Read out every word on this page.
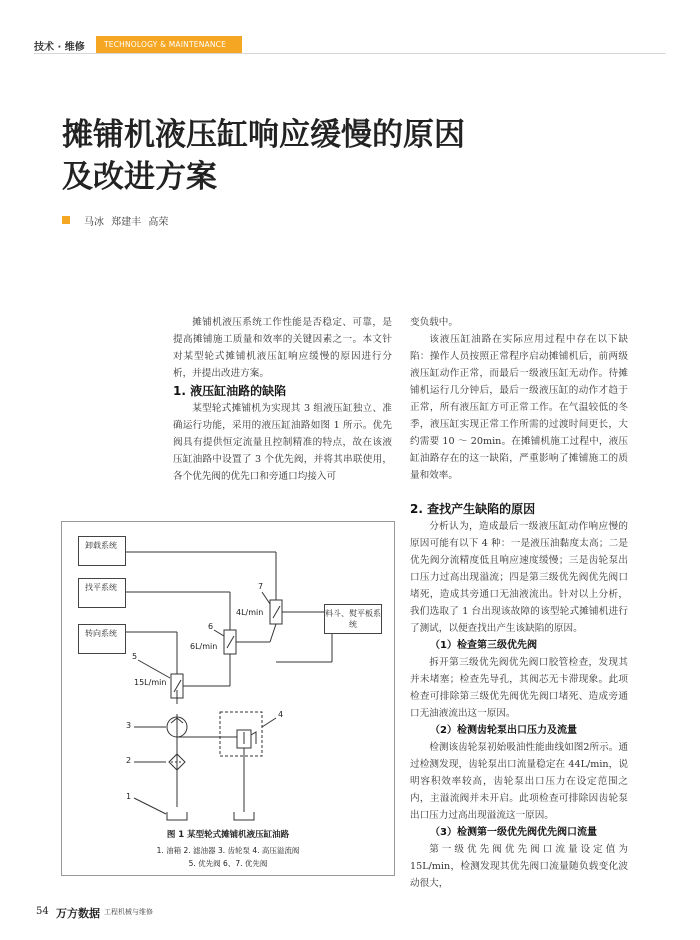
技术 · 维修	TECHNOLOGY & MAINTENANCE
摊铺机液压缸响应缓慢的原因
及改进方案
马冰 郑建丰 高荣

摊铺机液压系统工作性能是否稳定、可靠，是提高摊铺施工质量和效率的关键因素之一。本文针对某型轮式摊铺机液压缸响应缓慢的原因进行分析，并提出改进方案。

1. 液压缸油路的缺陷

某型轮式摊铺机为实现其 3 组液压缸独立、准确运行功能，采用的液压缸油路如图 1 所示。优先阀具有提供恒定流量且控制精准的特点，故在该液压缸油路中设置了 3 个优先阀，并将其串联使用，各个优先阀的优先口和旁通口均接入可

变负载中。

该液压缸油路在实际应用过程中存在以下缺陷：操作人员按照正常程序启动摊铺机后，前两级液压缸动作正常，而最后一级液压缸无动作。待摊铺机运行几分钟后，最后一级液压缸的动作才趋于正常，所有液压缸方可正常工作。在气温较低的冬季，液压缸实现正常工作所需的过渡时间更长，大约需要 10 ～ 20min。在摊铺机施工过程中，液压缸油路存在的这一缺陷，严重影响了摊铺施工的质量和效率。

2. 查找产生缺陷的原因

分析认为，造成最后一级液压缸动作响应慢的原因可能有以下 4 种：一是液压油黏度太高；二是优先阀分流精度低且响应速度缓慢；三是齿轮泵出口压力过高出现溢流；四是第三级优先阀优先阀口堵死，造成其旁通口无油液流出。针对以上分析，我们选取了 1 台出现该故障的该型轮式摊铺机进行了测试，以便查找出产生该缺陷的原因。

（1）检查第三级优先阀

拆开第三级优先阀优先阀口胶管检查，发现其并未堵塞；检查先导孔，其阀芯无卡滞现象。此项检查可排除第三级优先阀优先阀口堵死、造成旁通口无油液流出这一原因。

（2）检测齿轮泵出口压力及流量

检测该齿轮泵初始吸油性能曲线如图2所示。通过检测发现，齿轮泵出口流量稳定在 44L/min，说明容积效率较高，齿轮泵出口压力在设定范围之内，主溢流阀并未开启。此项检查可排除因齿轮泵出口压力过高出现溢流这一原因。

（3）检测第一级优先阀优先阀口流量

第一级优先阀优先阀口流量设定值为 15L/min，检测发现其优先阀口流量随负载变化波动很大，

卸载系统
找平系统
转向系统
料斗、熨平板系统
4L/min
6L/min
15L/min
1
2
3
4
5
6
7
图 1 某型轮式摊铺机液压缸油路
1. 油箱 2. 滤油器 3. 齿轮泵 4. 高压溢流阀
5. 优先阀 6、7. 优先阀
54 万方数据 工程机械与维修
